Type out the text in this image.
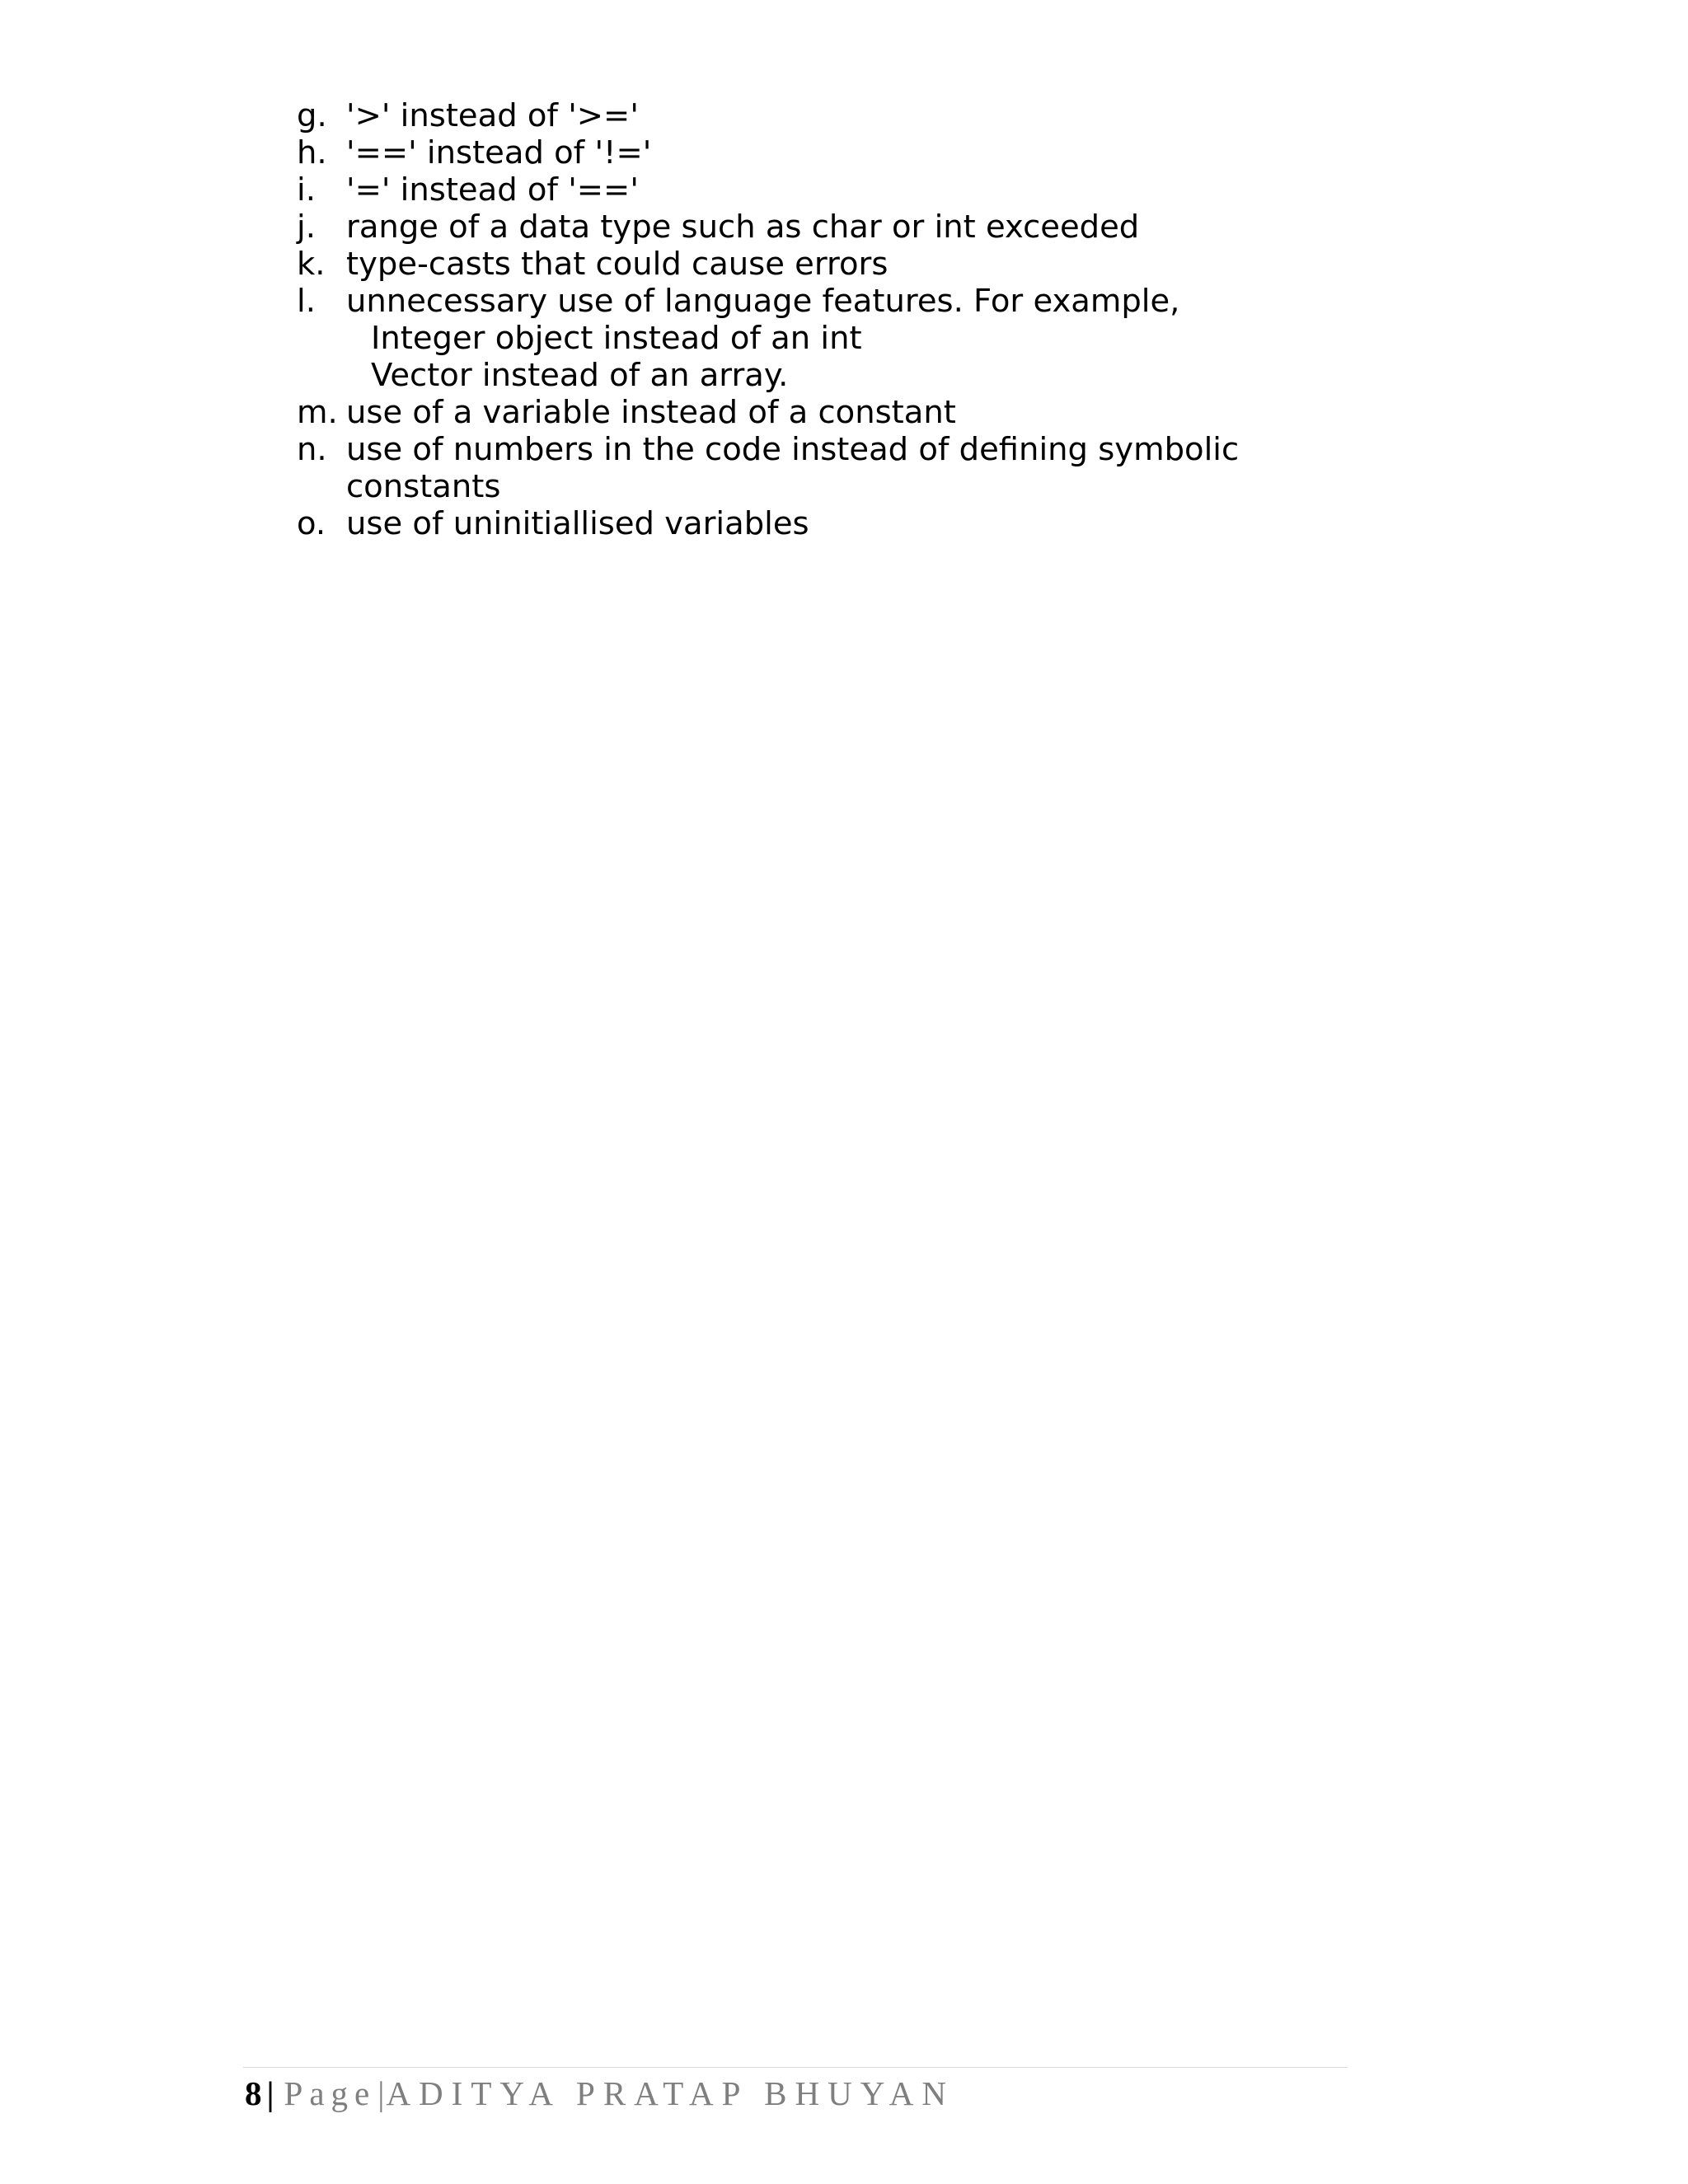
g. '>' instead of '>='
h. '==' instead of '!='
i. '=' instead of '=='
j. range of a data type such as char or int exceeded
k. type-casts that could cause errors
l. unnecessary use of language features. For example,
Integer object instead of an int
Vector instead of an array.
m. use of a variable instead of a constant
n. use of numbers in the code instead of defining symbolic
constants
o. use of uninitiallised variables
8 | Page|ADITYA PRATAP BHUYAN
